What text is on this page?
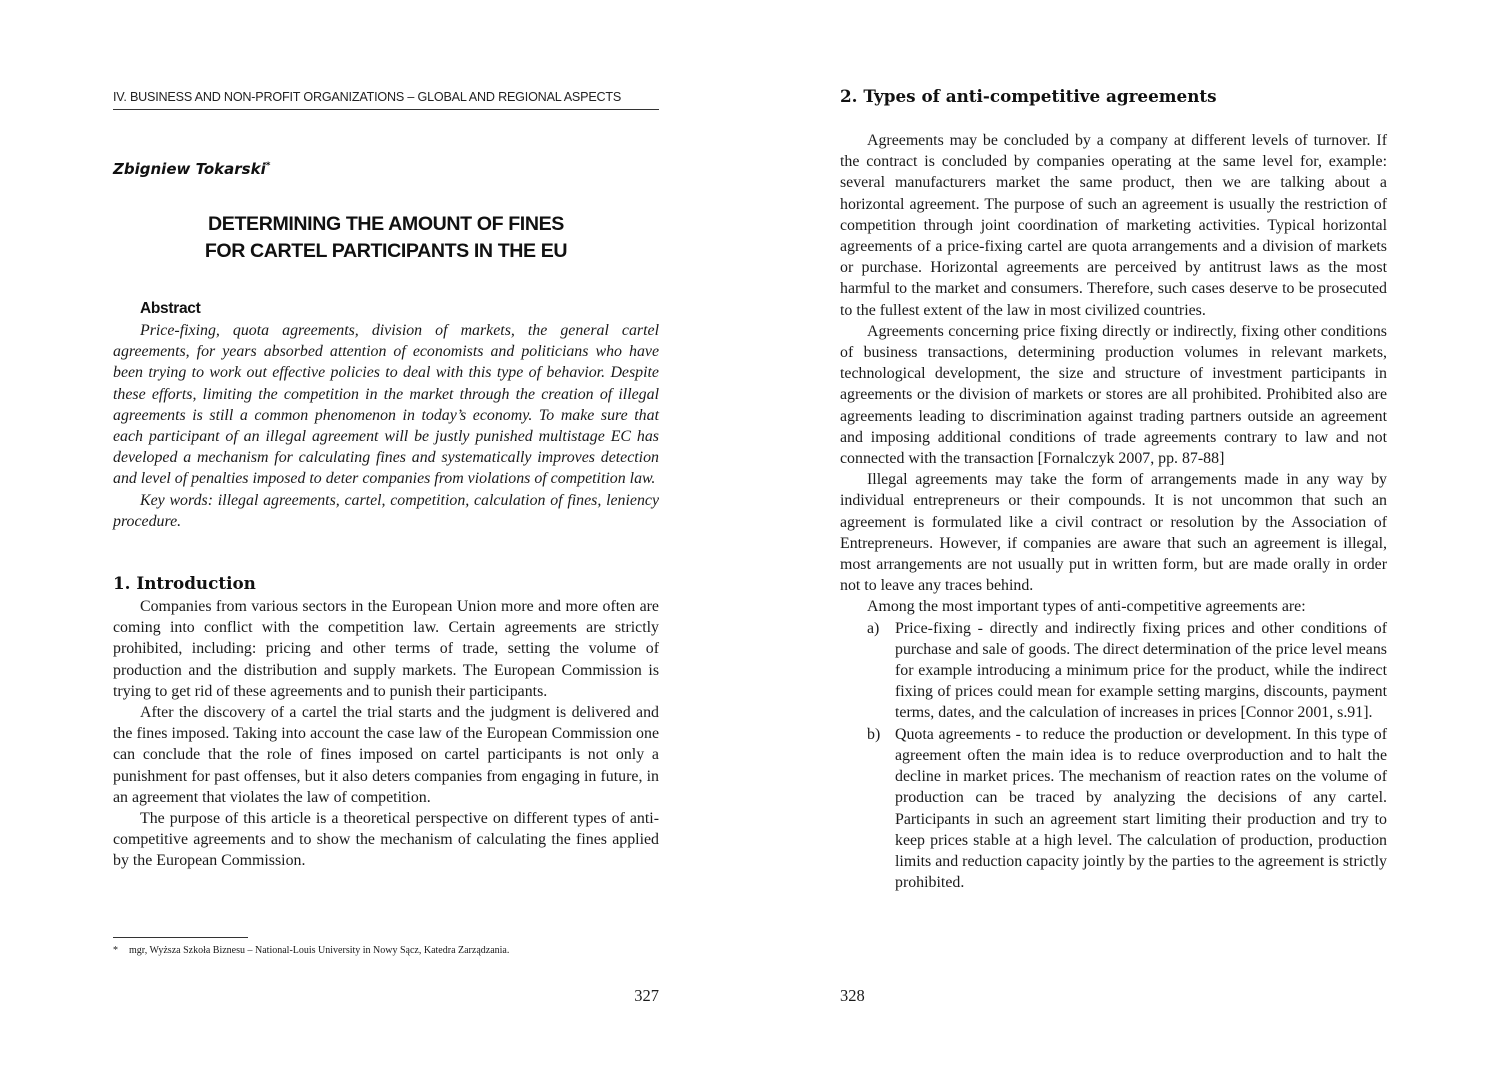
IV. BUSINESS AND NON-PROFIT ORGANIZATIONS – GLOBAL AND REGIONAL ASPECTS
Zbigniew Tokarski*
DETERMINING THE AMOUNT OF FINES
FOR CARTEL PARTICIPANTS IN THE EU
Abstract

Price-fixing, quota agreements, division of markets, the general cartel agreements, for years absorbed attention of economists and politicians who have been trying to work out effective policies to deal with this type of behavior. Despite these efforts, limiting the competition in the market through the creation of illegal agreements is still a common phenomenon in today’s economy. To make sure that each participant of an illegal agreement will be justly punished multistage EC has developed a mechanism for calculating fines and systematically improves detection and level of penalties imposed to deter companies from violations of competition law.

Key words: illegal agreements, cartel, competition, calculation of fines, leniency procedure.

1. Introduction

Companies from various sectors in the European Union more and more often are coming into conflict with the competition law. Certain agreements are strictly prohibited, including: pricing and other terms of trade, setting the volume of production and the distribution and supply markets. The European Commission is trying to get rid of these agreements and to punish their participants.

After the discovery of a cartel the trial starts and the judgment is delivered and the fines imposed. Taking into account the case law of the European Commission one can conclude that the role of fines imposed on cartel participants is not only a punishment for past offenses, but it also deters companies from engaging in future, in an agreement that violates the law of competition.

The purpose of this article is a theoretical perspective on different types of anti-competitive agreements and to show the mechanism of calculating the fines applied by the European Commission.

* mgr, Wyższa Szkoła Biznesu – National-Louis University in Nowy Sącz, Katedra Zarządzania.
327
2. Types of anti-competitive agreements

Agreements may be concluded by a company at different levels of turnover. If the contract is concluded by companies operating at the same level for, example: several manufacturers market the same product, then we are talking about a horizontal agreement. The purpose of such an agreement is usually the restriction of competition through joint coordination of marketing activities. Typical horizontal agreements of a price-fixing cartel are quota arrangements and a division of markets or purchase. Horizontal agreements are perceived by antitrust laws as the most harmful to the market and consumers. Therefore, such cases deserve to be prosecuted to the fullest extent of the law in most civilized countries.

Agreements concerning price fixing directly or indirectly, fixing other conditions of business transactions, determining production volumes in relevant markets, technological development, the size and structure of investment participants in agreements or the division of markets or stores are all prohibited. Prohibited also are agreements leading to discrimination against trading partners outside an agreement and imposing additional conditions of trade agreements contrary to law and not connected with the transaction [Fornalczyk 2007, pp. 87-88]

Illegal agreements may take the form of arrangements made in any way by individual entrepreneurs or their compounds. It is not uncommon that such an agreement is formulated like a civil contract or resolution by the Association of Entrepreneurs. However, if companies are aware that such an agreement is illegal, most arrangements are not usually put in written form, but are made orally in order not to leave any traces behind.

Among the most important types of anti-competitive agreements are:

a) Price-fixing - directly and indirectly fixing prices and other conditions of purchase and sale of goods. The direct determination of the price level means for example introducing a minimum price for the product, while the indirect fixing of prices could mean for example setting margins, discounts, payment terms, dates, and the calculation of increases in prices [Connor 2001, s.91].
b) Quota agreements - to reduce the production or development. In this type of agreement often the main idea is to reduce overproduction and to halt the decline in market prices. The mechanism of reaction rates on the volume of production can be traced by analyzing the decisions of any cartel. Participants in such an agreement start limiting their production and try to keep prices stable at a high level. The calculation of production, production limits and reduction capacity jointly by the parties to the agreement is strictly prohibited.
328
